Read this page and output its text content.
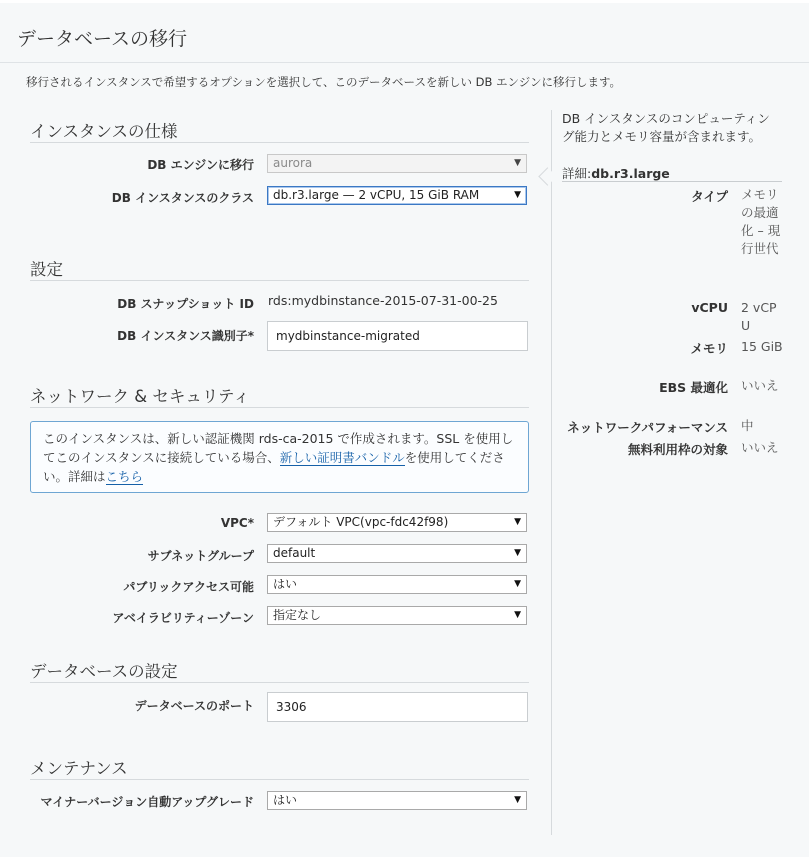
データベースの移行
移行されるインスタンスで希望するオプションを選択して、このデータベースを新しい DB エンジンに移行します。
インスタンスの仕様
DB エンジンに移行	aurora	▼
DB インスタンスのクラス	db.r3.large — 2 vCPU, 15 GiB RAM	▼
設定
DB スナップショット ID rds:mydbinstance-2015-07-31-00-25
DB インスタンス識別子*	mydbinstance-migrated
ネットワーク & セキュリティ
このインスタンスは、新しい認証機関 rds-ca-2015 で作成されます。SSL を使用してこのインスタンスに接続している場合、新しい証明書バンドルを使用してください。詳細はこちら
VPC*	デフォルト VPC(vpc-fdc42f98)	▼
サブネットグループ	default	▼
パブリックアクセス可能	はい	▼
アベイラビリティーゾーン	指定なし	▼
データベースの設定
データベースのポート	3306
メンテナンス
マイナーバージョン自動アップグレード	はい	▼
DB インスタンスのコンピューティング能力とメモリ容量が含まれます。
詳細:db.r3.large
タイプ メモリの最適化 – 現行世代
vCPU 2 vCPU
メモリ 15 GiB
EBS 最適化 いいえ
ネットワークパフォーマンス 中
無料利用枠の対象 いいえ
